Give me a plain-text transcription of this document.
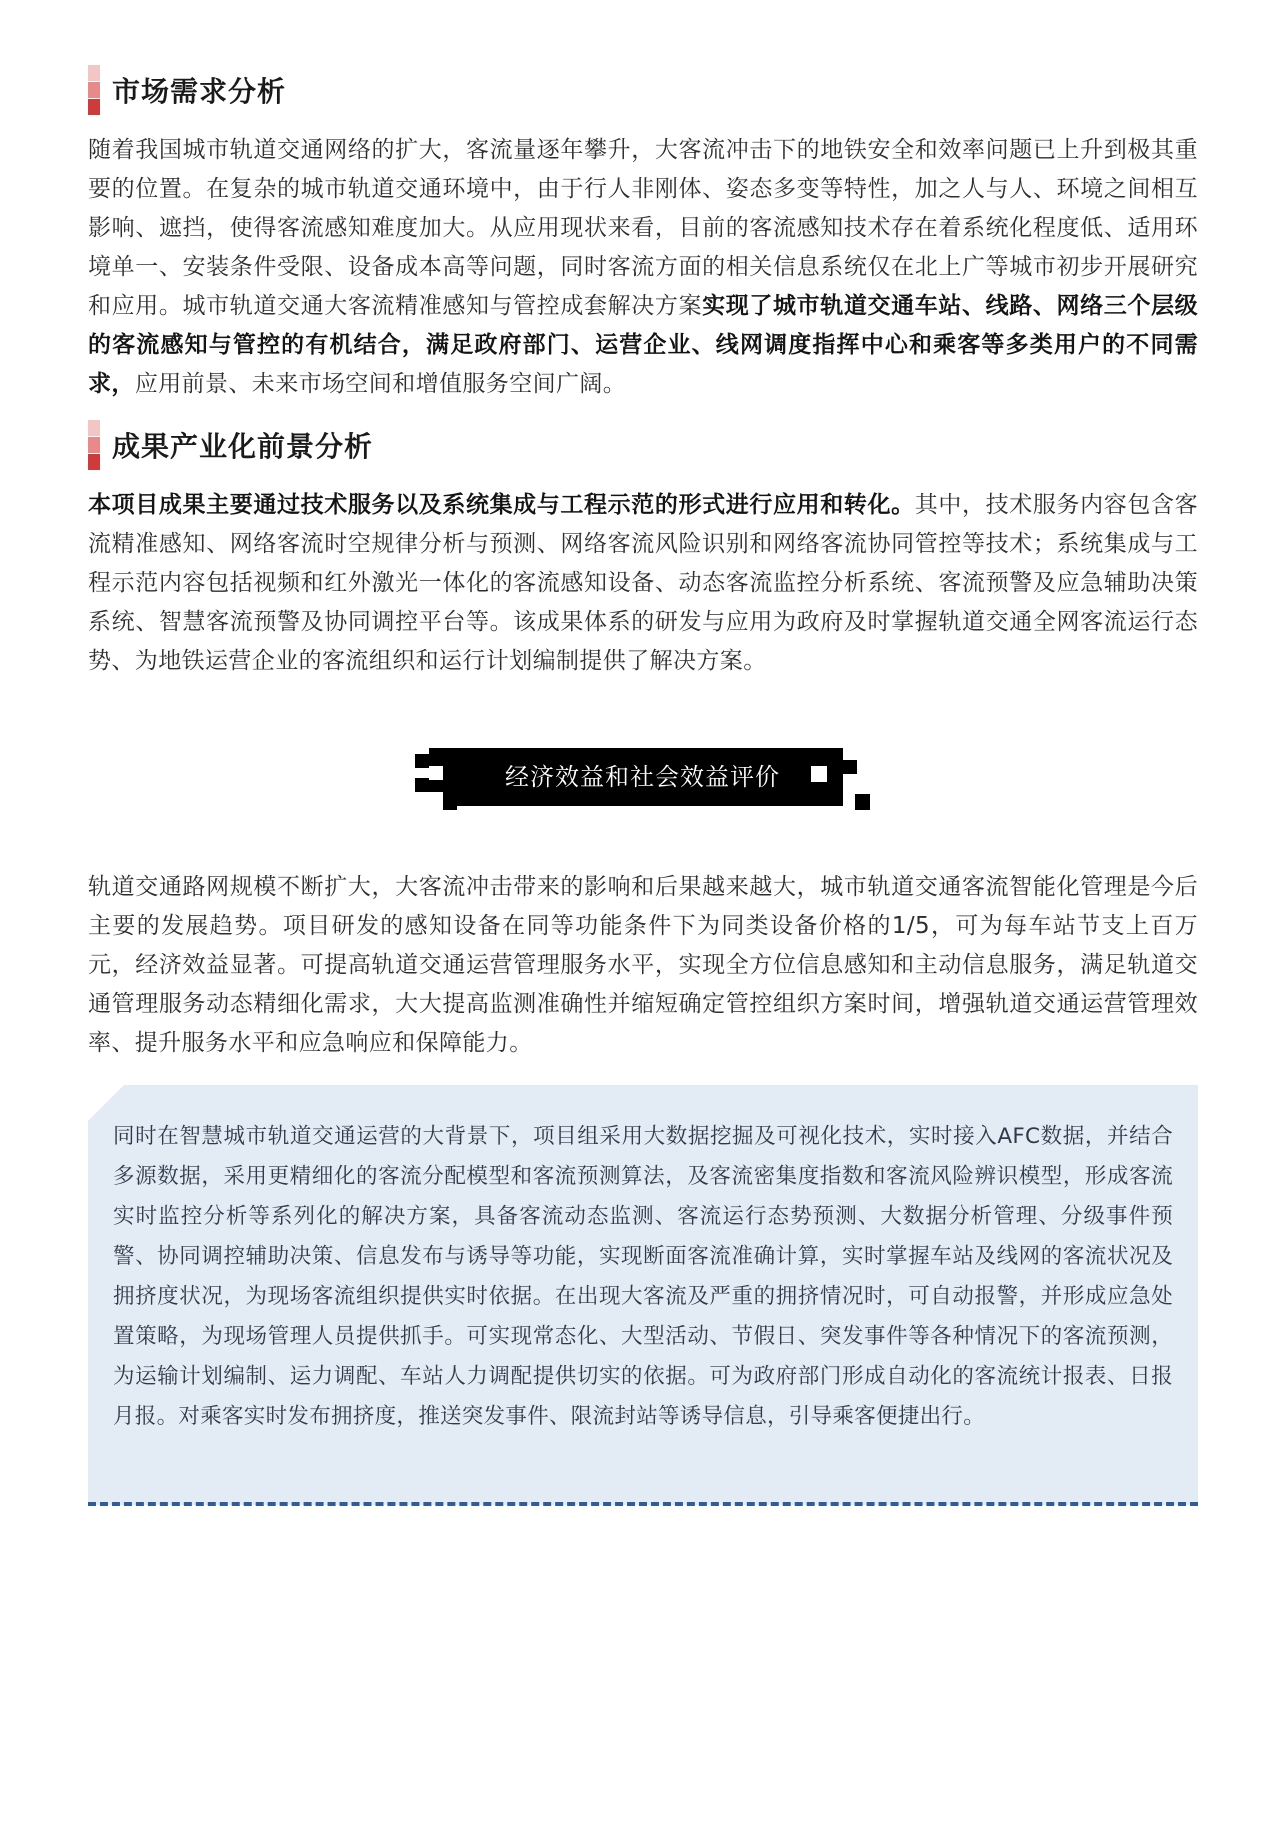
市场需求分析

随着我国城市轨道交通网络的扩大，客流量逐年攀升，大客流冲击下的地铁安全和效率问题已上升到极其重要的位置。在复杂的城市轨道交通环境中，由于行人非刚体、姿态多变等特性，加之人与人、环境之间相互影响、遮挡，使得客流感知难度加大。从应用现状来看，目前的客流感知技术存在着系统化程度低、适用环境单一、安装条件受限、设备成本高等问题，同时客流方面的相关信息系统仅在北上广等城市初步开展研究和应用。城市轨道交通大客流精准感知与管控成套解决方案实现了城市轨道交通车站、线路、网络三个层级的客流感知与管控的有机结合，满足政府部门、运营企业、线网调度指挥中心和乘客等多类用户的不同需求，应用前景、未来市场空间和增值服务空间广阔。

成果产业化前景分析

本项目成果主要通过技术服务以及系统集成与工程示范的形式进行应用和转化。其中，技术服务内容包含客流精准感知、网络客流时空规律分析与预测、网络客流风险识别和网络客流协同管控等技术；系统集成与工程示范内容包括视频和红外激光一体化的客流感知设备、动态客流监控分析系统、客流预警及应急辅助决策系统、智慧客流预警及协同调控平台等。该成果体系的研发与应用为政府及时掌握轨道交通全网客流运行态势、为地铁运营企业的客流组织和运行计划编制提供了解决方案。

经济效益和社会效益评价

轨道交通路网规模不断扩大，大客流冲击带来的影响和后果越来越大，城市轨道交通客流智能化管理是今后主要的发展趋势。项目研发的感知设备在同等功能条件下为同类设备价格的1/5，可为每车站节支上百万元，经济效益显著。可提高轨道交通运营管理服务水平，实现全方位信息感知和主动信息服务，满足轨道交通管理服务动态精细化需求，大大提高监测准确性并缩短确定管控组织方案时间，增强轨道交通运营管理效率、提升服务水平和应急响应和保障能力。

同时在智慧城市轨道交通运营的大背景下，项目组采用大数据挖掘及可视化技术，实时接入AFC数据，并结合多源数据，采用更精细化的客流分配模型和客流预测算法，及客流密集度指数和客流风险辨识模型，形成客流实时监控分析等系列化的解决方案，具备客流动态监测、客流运行态势预测、大数据分析管理、分级事件预警、协同调控辅助决策、信息发布与诱导等功能，实现断面客流准确计算，实时掌握车站及线网的客流状况及拥挤度状况，为现场客流组织提供实时依据。在出现大客流及严重的拥挤情况时，可自动报警，并形成应急处置策略，为现场管理人员提供抓手。可实现常态化、大型活动、节假日、突发事件等各种情况下的客流预测，为运输计划编制、运力调配、车站人力调配提供切实的依据。可为政府部门形成自动化的客流统计报表、日报月报。对乘客实时发布拥挤度，推送突发事件、限流封站等诱导信息，引导乘客便捷出行。
